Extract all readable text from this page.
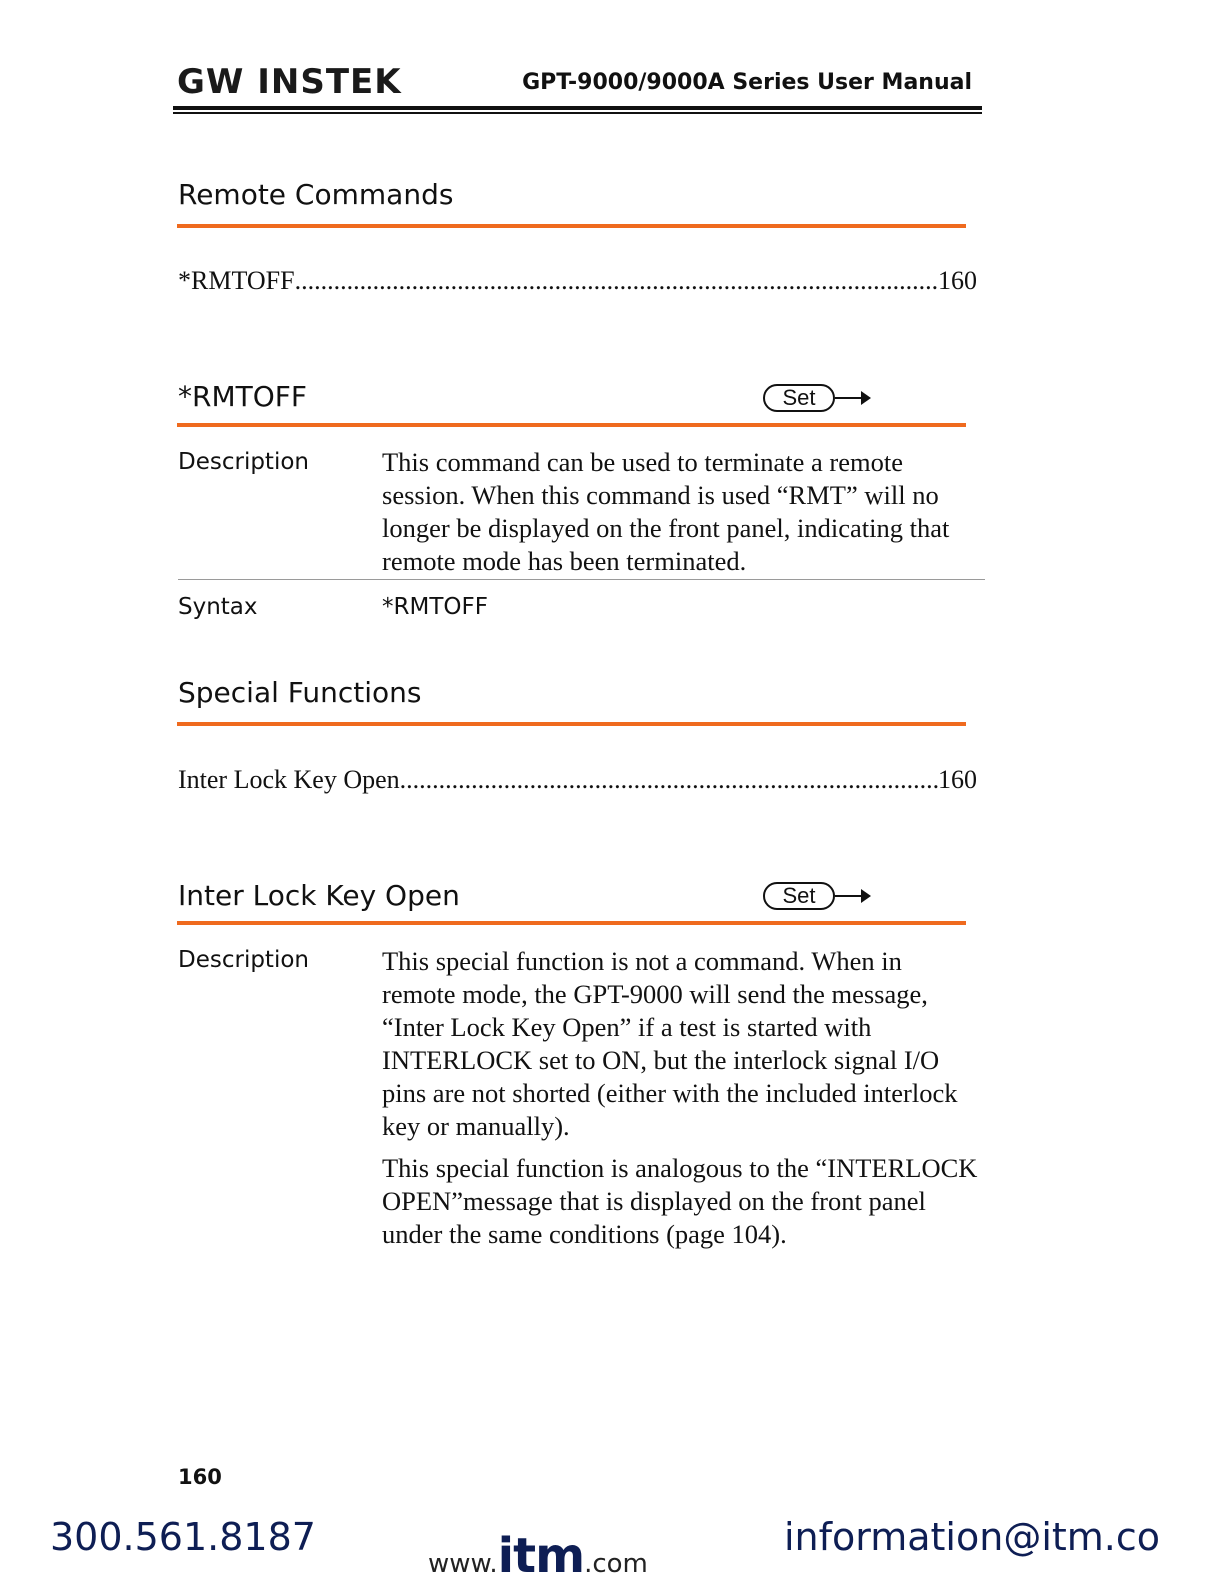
GW INSTEK	GPT-9000/9000A Series User Manual
Remote Commands
*RMTOFF .....	160
*RMTOFF	Set
Description	This command can be used to terminate a remote session. When this command is used “RMT” will no longer be displayed on the front panel, indicating that remote mode has been terminated.

Syntax	*RMTOFF
Special Functions
Inter Lock Key Open .....	160
Inter Lock Key Open	Set
Description	This special function is not a command. When in remote mode, the GPT-9000 will send the message, “Inter Lock Key Open” if a test is started with INTERLOCK set to ON, but the interlock signal I/O pins are not shorted (either with the included interlock key or manually).

This special function is analogous to the “INTERLOCK OPEN”message that is displayed on the front panel under the same conditions (page 104).

160
300.561.8187
www.itm.com
information@itm.co
